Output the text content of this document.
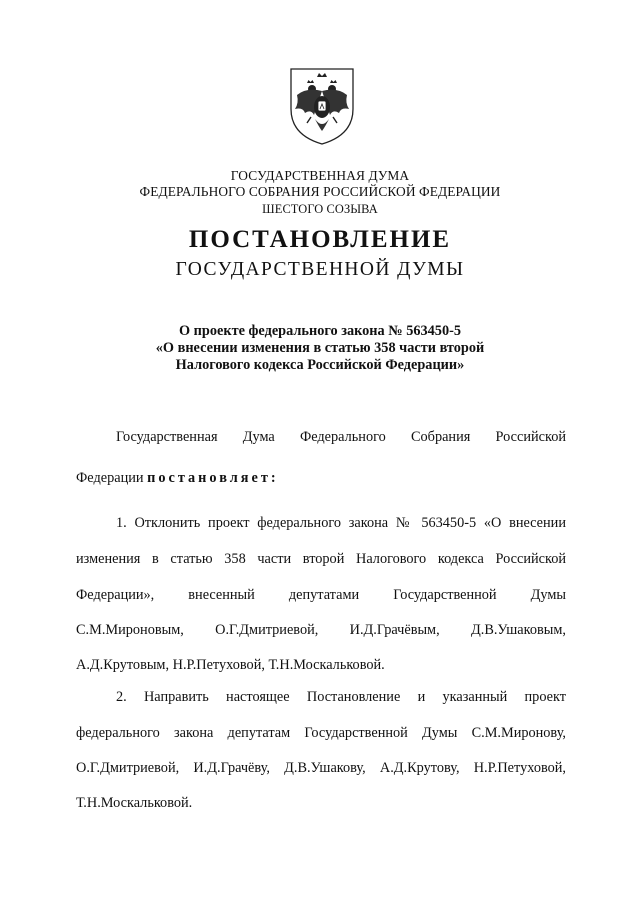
ГОСУДАРСТВЕННАЯ ДУМА
ФЕДЕРАЛЬНОГО СОБРАНИЯ РОССИЙСКОЙ ФЕДЕРАЦИИ
ШЕСТОГО СОЗЫВА
ПОСТАНОВЛЕНИЕ
ГОСУДАРСТВЕННОЙ ДУМЫ
О проекте федерального закона № 563450-5
«О внесении изменения в статью 358 части второй
Налогового кодекса Российской Федерации»
Государственная Дума Федерального Собрания Российской
Федерации постановляет:
1. Отклонить проект федерального закона № 563450-5 «О внесении
изменения в статью 358 части второй Налогового кодекса Российской
Федерации», внесенный депутатами Государственной Думы
С.М.Мироновым, О.Г.Дмитриевой, И.Д.Грачёвым, Д.В.Ушаковым,
А.Д.Крутовым, Н.Р.Петуховой, Т.Н.Москальковой.
2. Направить настоящее Постановление и указанный проект
федерального закона депутатам Государственной Думы С.М.Миронову,
О.Г.Дмитриевой, И.Д.Грачёву, Д.В.Ушакову, А.Д.Крутову, Н.Р.Петуховой,
Т.Н.Москальковой.
